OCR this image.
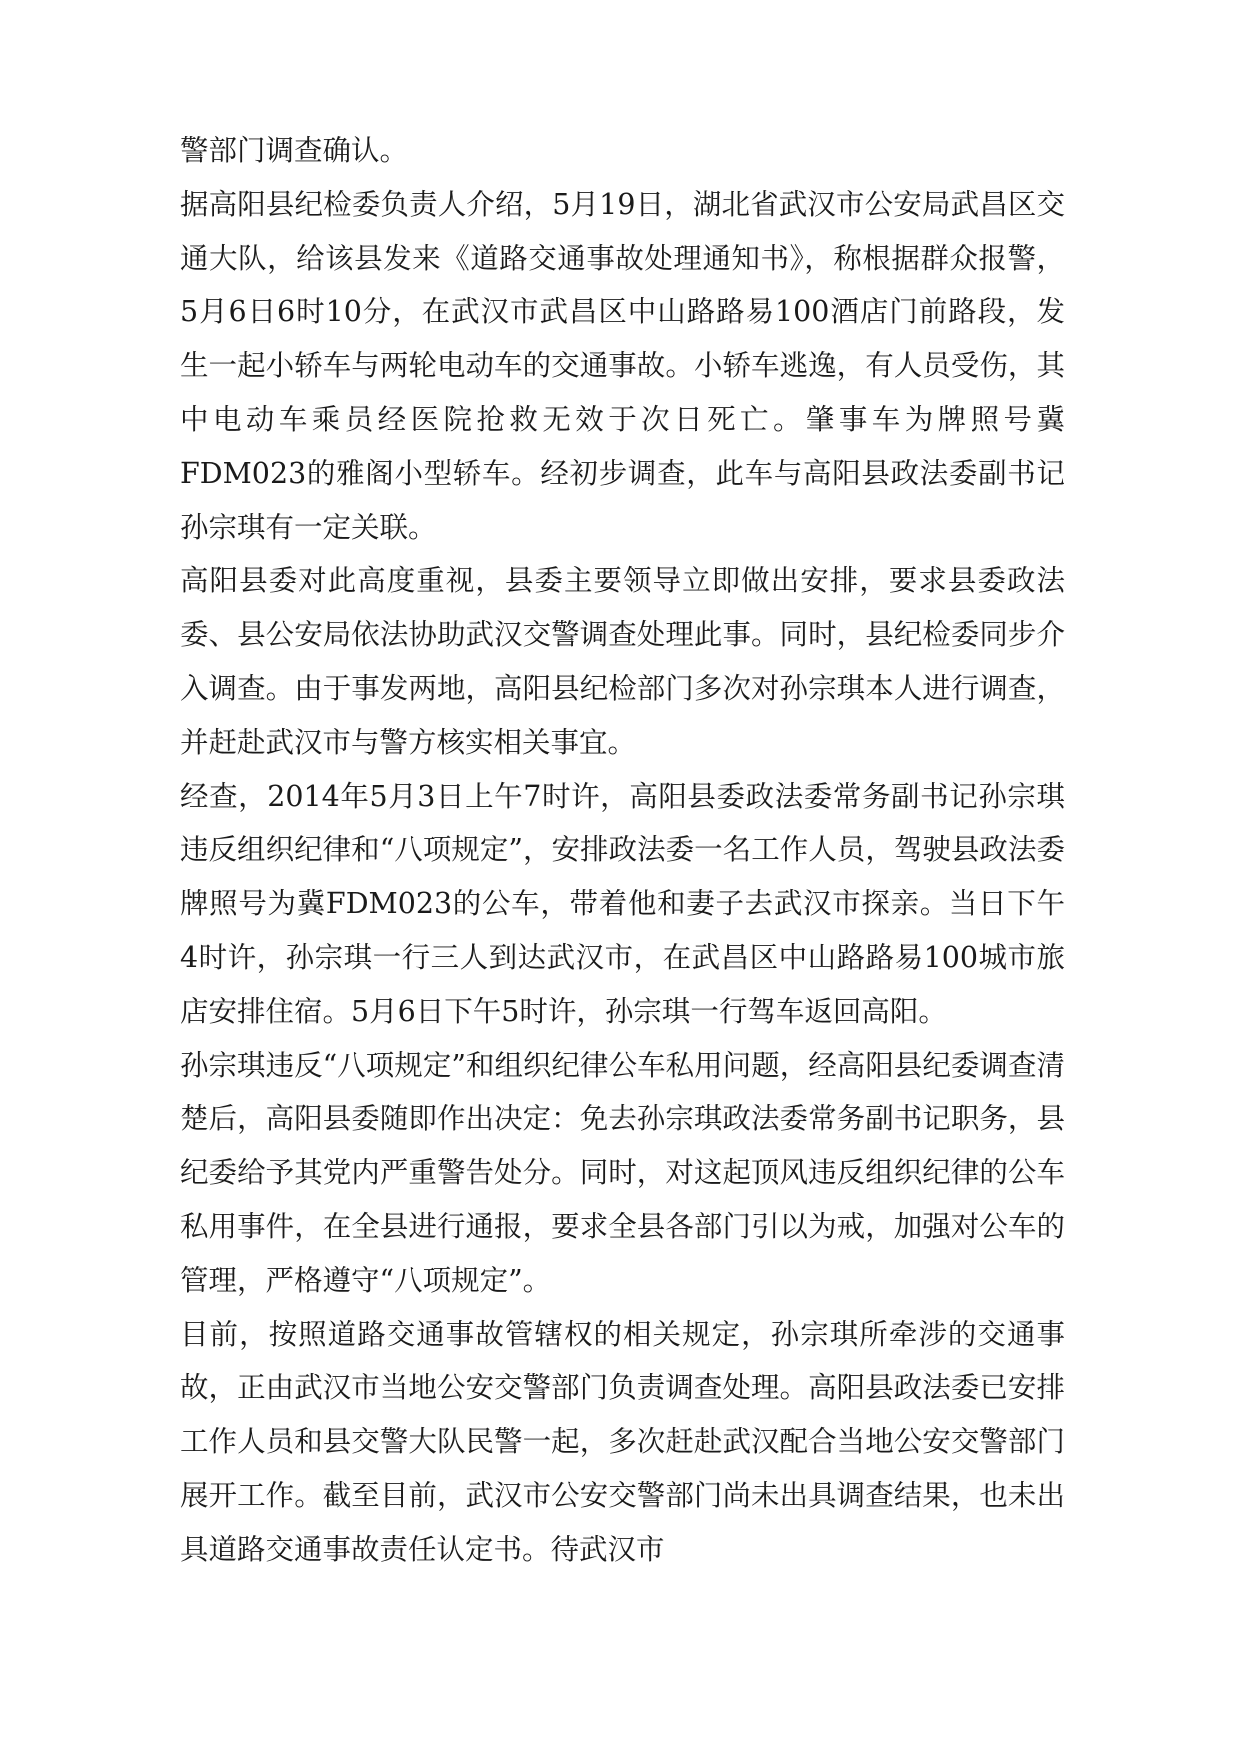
警部门调查确认。

据高阳县纪检委负责人介绍，5月19日，湖北省武汉市公安局武昌区交通大队，给该县发来《道路交通事故处理通知书》，称根据群众报警，5月6日6时10分，在武汉市武昌区中山路路易100酒店门前路段，发生一起小轿车与两轮电动车的交通事故。小轿车逃逸，有人员受伤，其中电动车乘员经医院抢救无效于次日死亡。肇事车为牌照号冀FDM023的雅阁小型轿车。经初步调查，此车与高阳县政法委副书记孙宗琪有一定关联。

高阳县委对此高度重视，县委主要领导立即做出安排，要求县委政法委、县公安局依法协助武汉交警调查处理此事。同时，县纪检委同步介入调查。由于事发两地，高阳县纪检部门多次对孙宗琪本人进行调查，并赶赴武汉市与警方核实相关事宜。

经查，2014年5月3日上午7时许，高阳县委政法委常务副书记孙宗琪违反组织纪律和“八项规定”，安排政法委一名工作人员，驾驶县政法委牌照号为冀FDM023的公车，带着他和妻子去武汉市探亲。当日下午4时许，孙宗琪一行三人到达武汉市，在武昌区中山路路易100城市旅店安排住宿。5月6日下午5时许，孙宗琪一行驾车返回高阳。

孙宗琪违反“八项规定”和组织纪律公车私用问题，经高阳县纪委调查清楚后，高阳县委随即作出决定：免去孙宗琪政法委常务副书记职务，县纪委给予其党内严重警告处分。同时，对这起顶风违反组织纪律的公车私用事件，在全县进行通报，要求全县各部门引以为戒，加强对公车的管理，严格遵守“八项规定”。

目前，按照道路交通事故管辖权的相关规定，孙宗琪所牵涉的交通事故，正由武汉市当地公安交警部门负责调查处理。高阳县政法委已安排工作人员和县交警大队民警一起，多次赶赴武汉配合当地公安交警部门展开工作。截至目前，武汉市公安交警部门尚未出具调查结果，也未出具道路交通事故责任认定书。待武汉市
